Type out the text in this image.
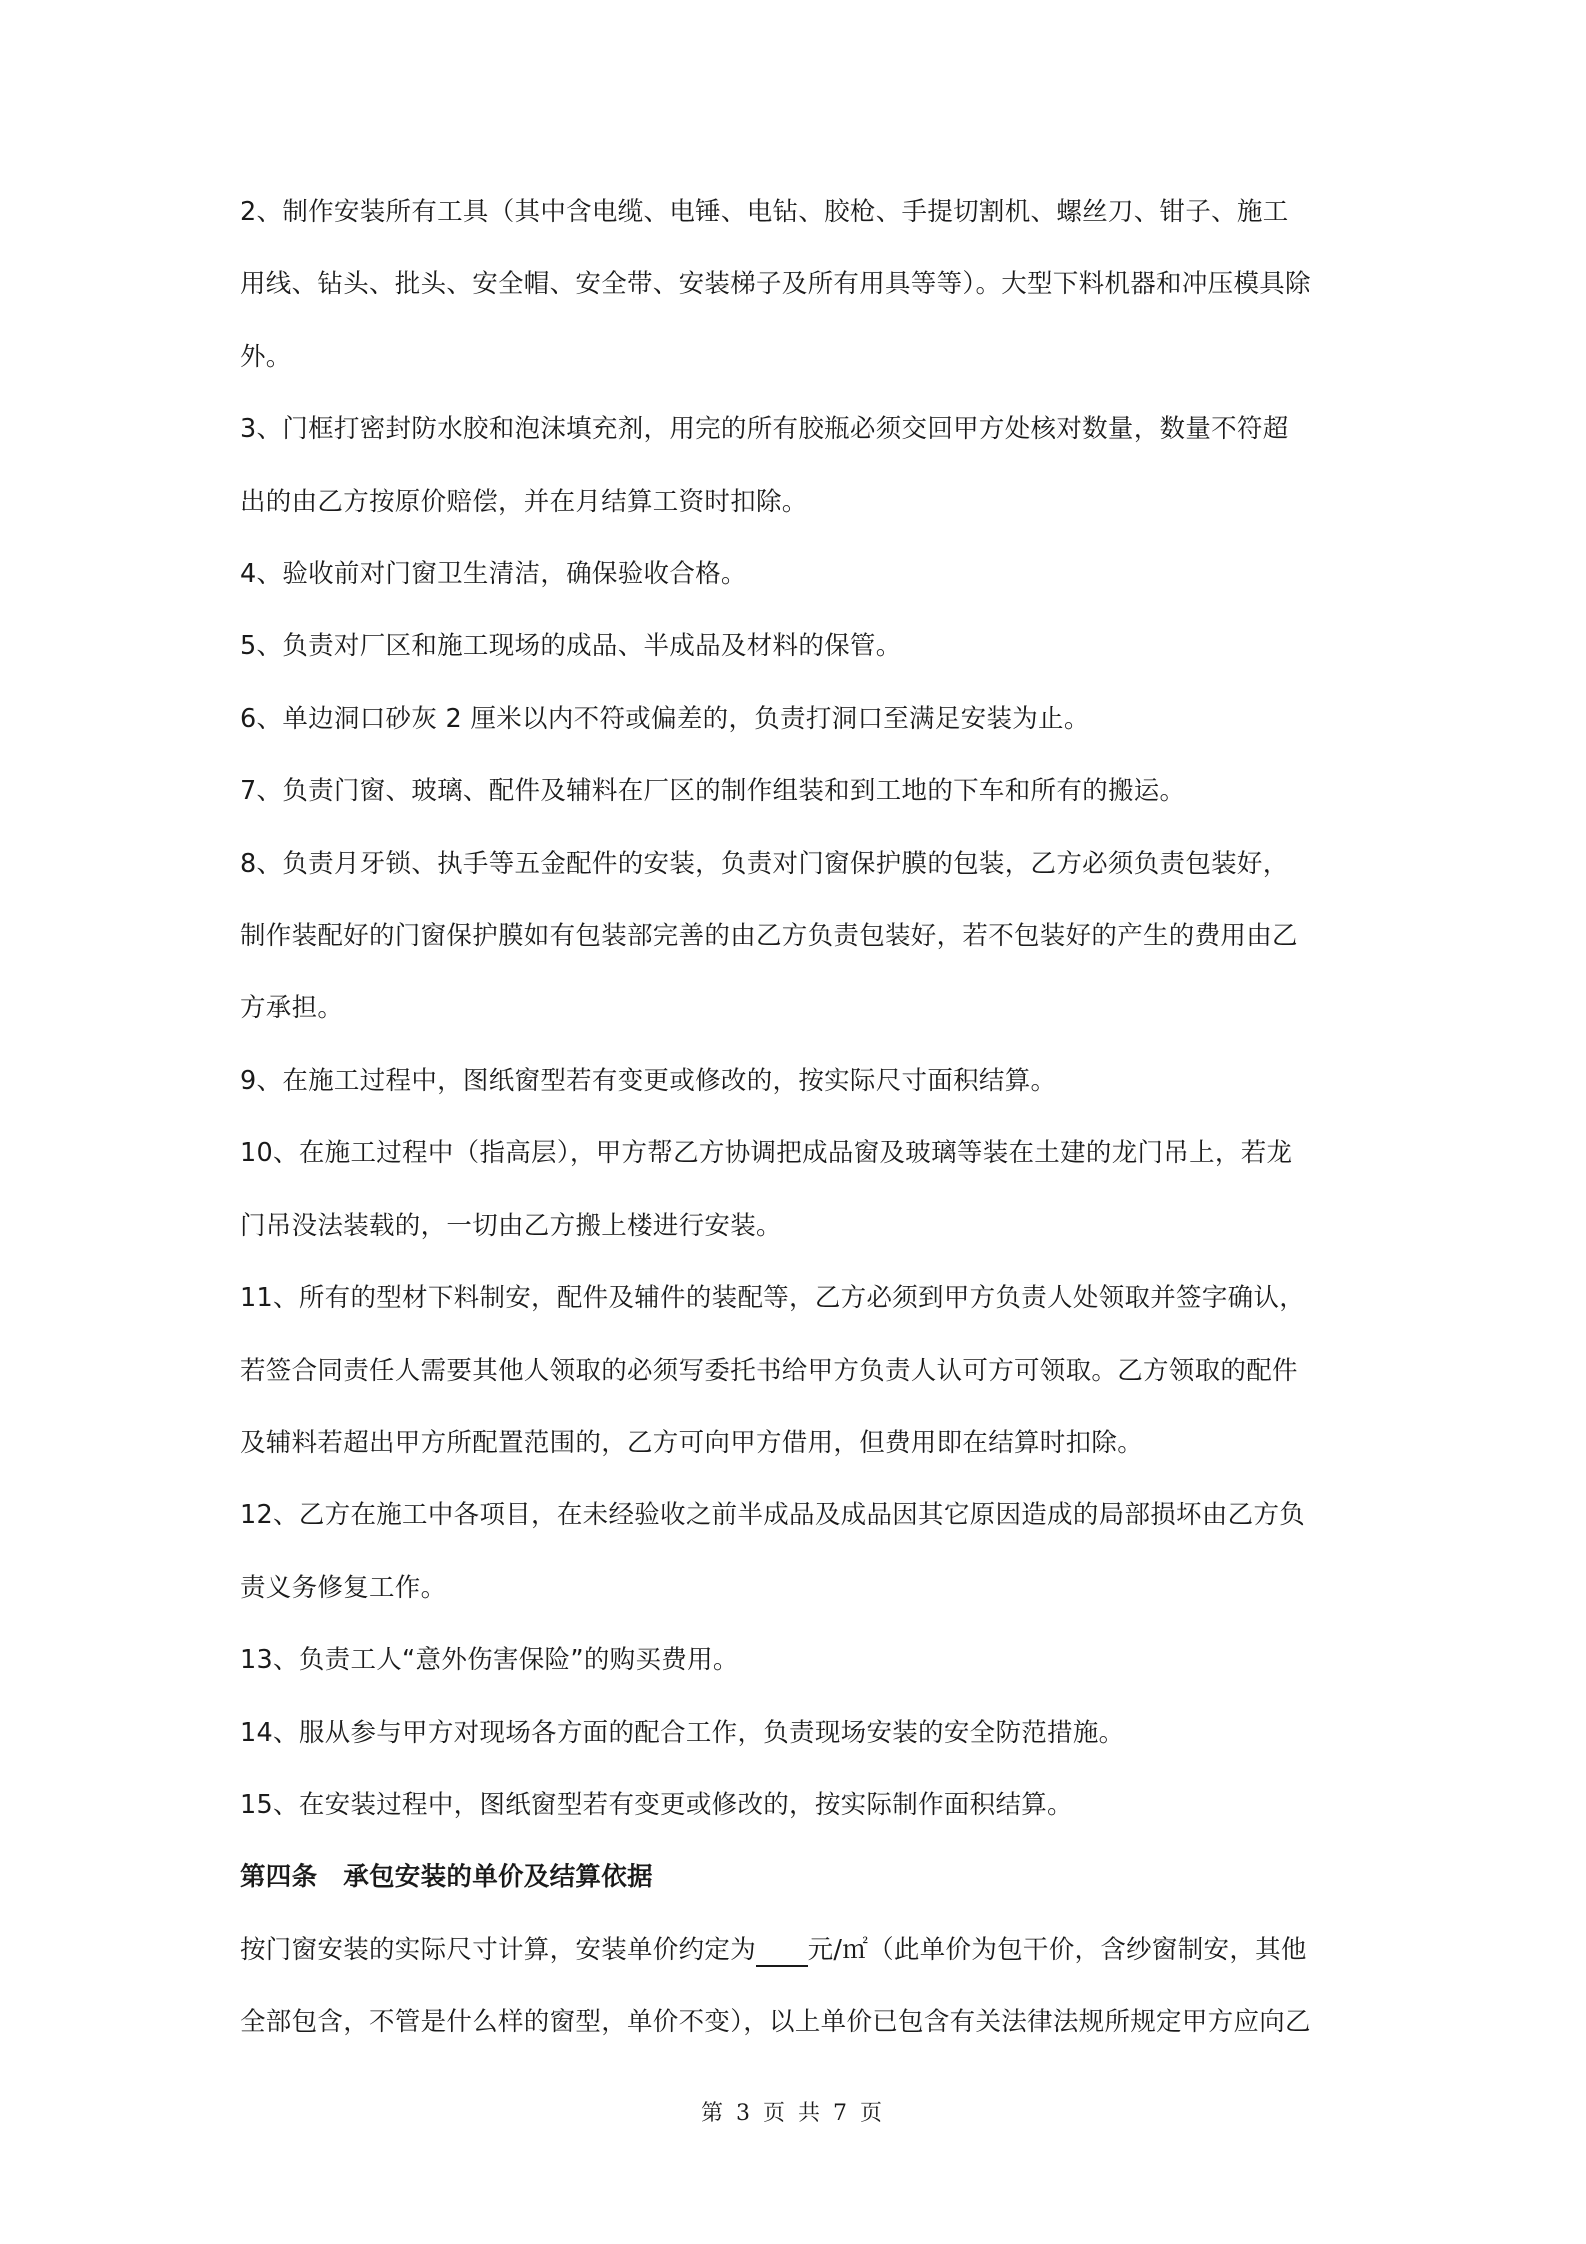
2、制作安装所有工具（其中含电缆、电锤、电钻、胶枪、手提切割机、螺丝刀、钳子、施工

用线、钻头、批头、安全帽、安全带、安装梯子及所有用具等等）。大型下料机器和冲压模具除

外。

3、门框打密封防水胶和泡沫填充剂，用完的所有胶瓶必须交回甲方处核对数量，数量不符超

出的由乙方按原价赔偿，并在月结算工资时扣除。

4、验收前对门窗卫生清洁，确保验收合格。

5、负责对厂区和施工现场的成品、半成品及材料的保管。

6、单边洞口砂灰 2 厘米以内不符或偏差的，负责打洞口至满足安装为止。

7、负责门窗、玻璃、配件及辅料在厂区的制作组装和到工地的下车和所有的搬运。

8、负责月牙锁、执手等五金配件的安装，负责对门窗保护膜的包装，乙方必须负责包装好，

制作装配好的门窗保护膜如有包装部完善的由乙方负责包装好，若不包装好的产生的费用由乙

方承担。

9、在施工过程中，图纸窗型若有变更或修改的，按实际尺寸面积结算。

10、在施工过程中（指高层），甲方帮乙方协调把成品窗及玻璃等装在土建的龙门吊上，若龙

门吊没法装载的，一切由乙方搬上楼进行安装。

11、所有的型材下料制安，配件及辅件的装配等，乙方必须到甲方负责人处领取并签字确认，

若签合同责任人需要其他人领取的必须写委托书给甲方负责人认可方可领取。乙方领取的配件

及辅料若超出甲方所配置范围的，乙方可向甲方借用，但费用即在结算时扣除。

12、乙方在施工中各项目，在未经验收之前半成品及成品因其它原因造成的局部损坏由乙方负

责义务修复工作。

13、负责工人“意外伤害保险”的购买费用。

14、服从参与甲方对现场各方面的配合工作，负责现场安装的安全防范措施。

15、在安装过程中，图纸窗型若有变更或修改的，按实际制作面积结算。

第四条　承包安装的单价及结算依据

按门窗安装的实际尺寸计算，安装单价约定为　　 元/㎡（此单价为包干价，含纱窗制安，其他

全部包含，不管是什么样的窗型，单价不变），以上单价已包含有关法律法规所规定甲方应向乙

第 3 页 共 7 页
